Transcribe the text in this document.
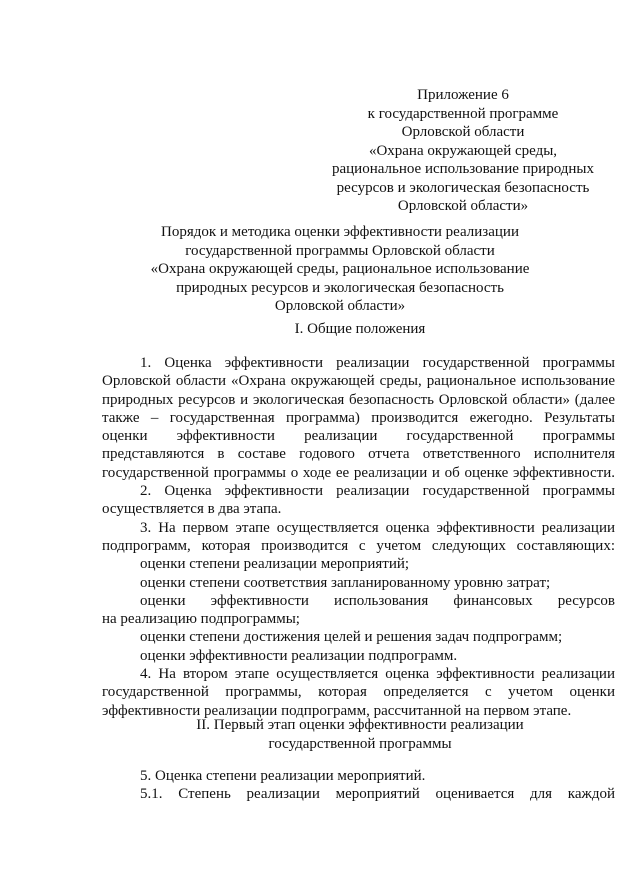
Приложение 6
к государственной программе
Орловской области
«Охрана окружающей среды,
рациональное использование природных
ресурсов и экологическая безопасность
Орловской области»
Порядок и методика оценки эффективности реализации
государственной программы Орловской области
«Охрана окружающей среды, рациональное использование
природных ресурсов и экологическая безопасность
Орловской области»
I. Общие положения
1. Оценка эффективности реализации государственной программы
Орловской области «Охрана окружающей среды, рациональное использование
природных ресурсов и экологическая безопасность Орловской области» (далее
также – государственная программа) производится ежегодно. Результаты
оценки эффективности реализации государственной программы
представляются в составе годового отчета ответственного исполнителя
государственной программы о ходе ее реализации и об оценке эффективности.
2. Оценка эффективности реализации государственной программы
осуществляется в два этапа.
3. На первом этапе осуществляется оценка эффективности реализации
подпрограмм, которая производится с учетом следующих составляющих:
оценки степени реализации мероприятий;
оценки степени соответствия запланированному уровню затрат;
оценки эффективности использования финансовых ресурсов
на реализацию подпрограммы;
оценки степени достижения целей и решения задач подпрограмм;
оценки эффективности реализации подпрограмм.
4. На втором этапе осуществляется оценка эффективности реализации
государственной программы, которая определяется с учетом оценки
эффективности реализации подпрограмм, рассчитанной на первом этапе.
II. Первый этап оценки эффективности реализации
государственной программы
5. Оценка степени реализации мероприятий.
5.1. Степень реализации мероприятий оценивается для каждой
